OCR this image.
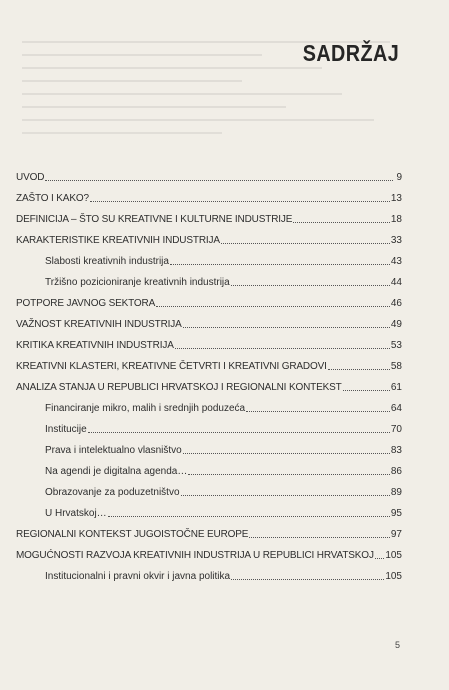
SADRŽAJ
UVOD	9
ZAŠTO I KAKO?	13
DEFINICIJA – ŠTO SU KREATIVNE I KULTURNE INDUSTRIJE	18
KARAKTERISTIKE KREATIVNIH INDUSTRIJA	33
Slabosti kreativnih industrija	43
Tržišno pozicioniranje kreativnih industrija	44
POTPORE JAVNOG SEKTORA	46
VAŽNOST KREATIVNIH INDUSTRIJA	49
KRITIKA KREATIVNIH INDUSTRIJA	53
KREATIVNI KLASTERI, KREATIVNE ČETVRTI I KREATIVNI GRADOVI	58
ANALIZA STANJA U REPUBLICI HRVATSKOJ I REGIONALNI KONTEKST	61
Financiranje mikro, malih i srednjih poduzeća	64
Institucije	70
Prava i intelektualno vlasništvo	83
Na agendi je digitalna agenda…	86
Obrazovanje za poduzetništvo	89
U Hrvatskoj…	95
REGIONALNI KONTEKST JUGOISTOČNE EUROPE	97
MOGUĆNOSTI RAZVOJA KREATIVNIH INDUSTRIJA U REPUBLICI HRVATSKOJ 105
Institucionalni i pravni okvir i javna politika	105
5
